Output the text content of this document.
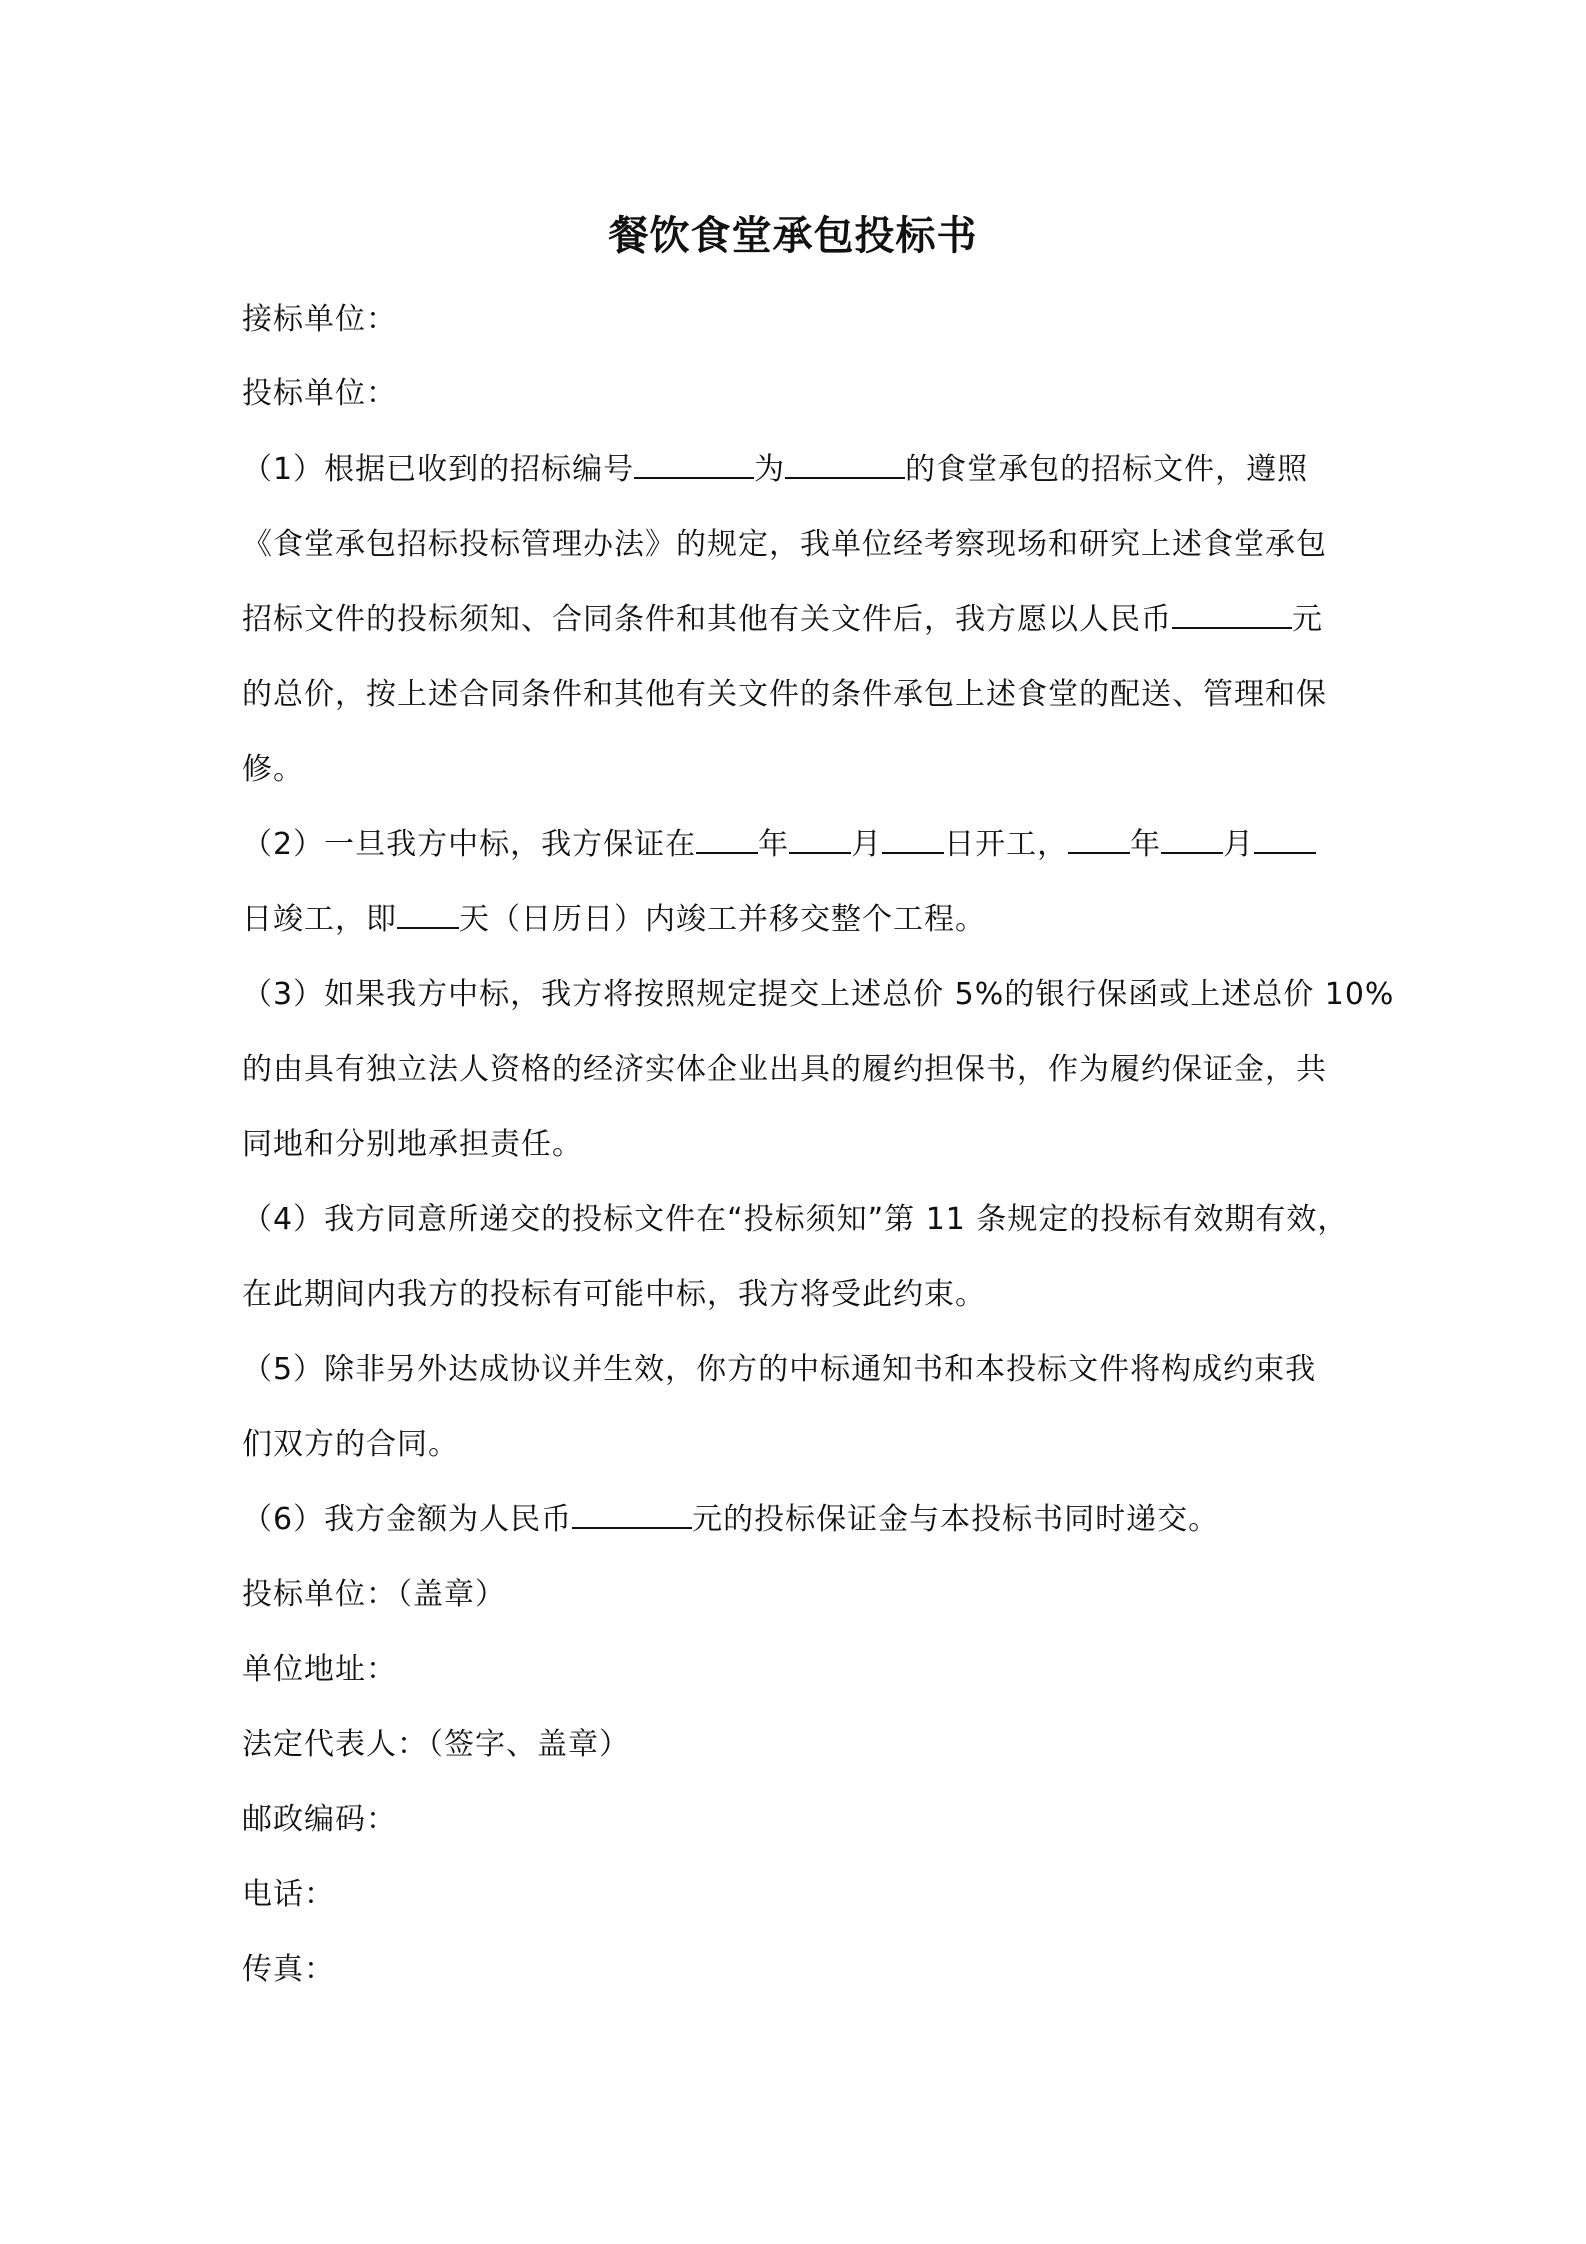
餐饮食堂承包投标书
接标单位：
投标单位：
（1）根据已收到的招标编号	为	的食堂承包的招标文件，遵照
《食堂承包招标投标管理办法》的规定，我单位经考察现场和研究上述食堂承包
招标文件的投标须知、合同条件和其他有关文件后，我方愿以人民币	元
的总价，按上述合同条件和其他有关文件的条件承包上述食堂的配送、管理和保
修。
（2）一旦我方中标，我方保证在 年 月 日开工， 年 月
日竣工，即 天（日历日）内竣工并移交整个工程。
（3）如果我方中标，我方将按照规定提交上述总价 5%的银行保函或上述总价 10%
的由具有独立法人资格的经济实体企业出具的履约担保书，作为履约保证金，共
同地和分别地承担责任。
（4）我方同意所递交的投标文件在“投标须知”第 11 条规定的投标有效期有效，
在此期间内我方的投标有可能中标，我方将受此约束。
（5）除非另外达成协议并生效，你方的中标通知书和本投标文件将构成约束我
们双方的合同。
（6）我方金额为人民币	元的投标保证金与本投标书同时递交。
投标单位：（盖章）
单位地址：
法定代表人：（签字、盖章）
邮政编码：
电话：
传真：
